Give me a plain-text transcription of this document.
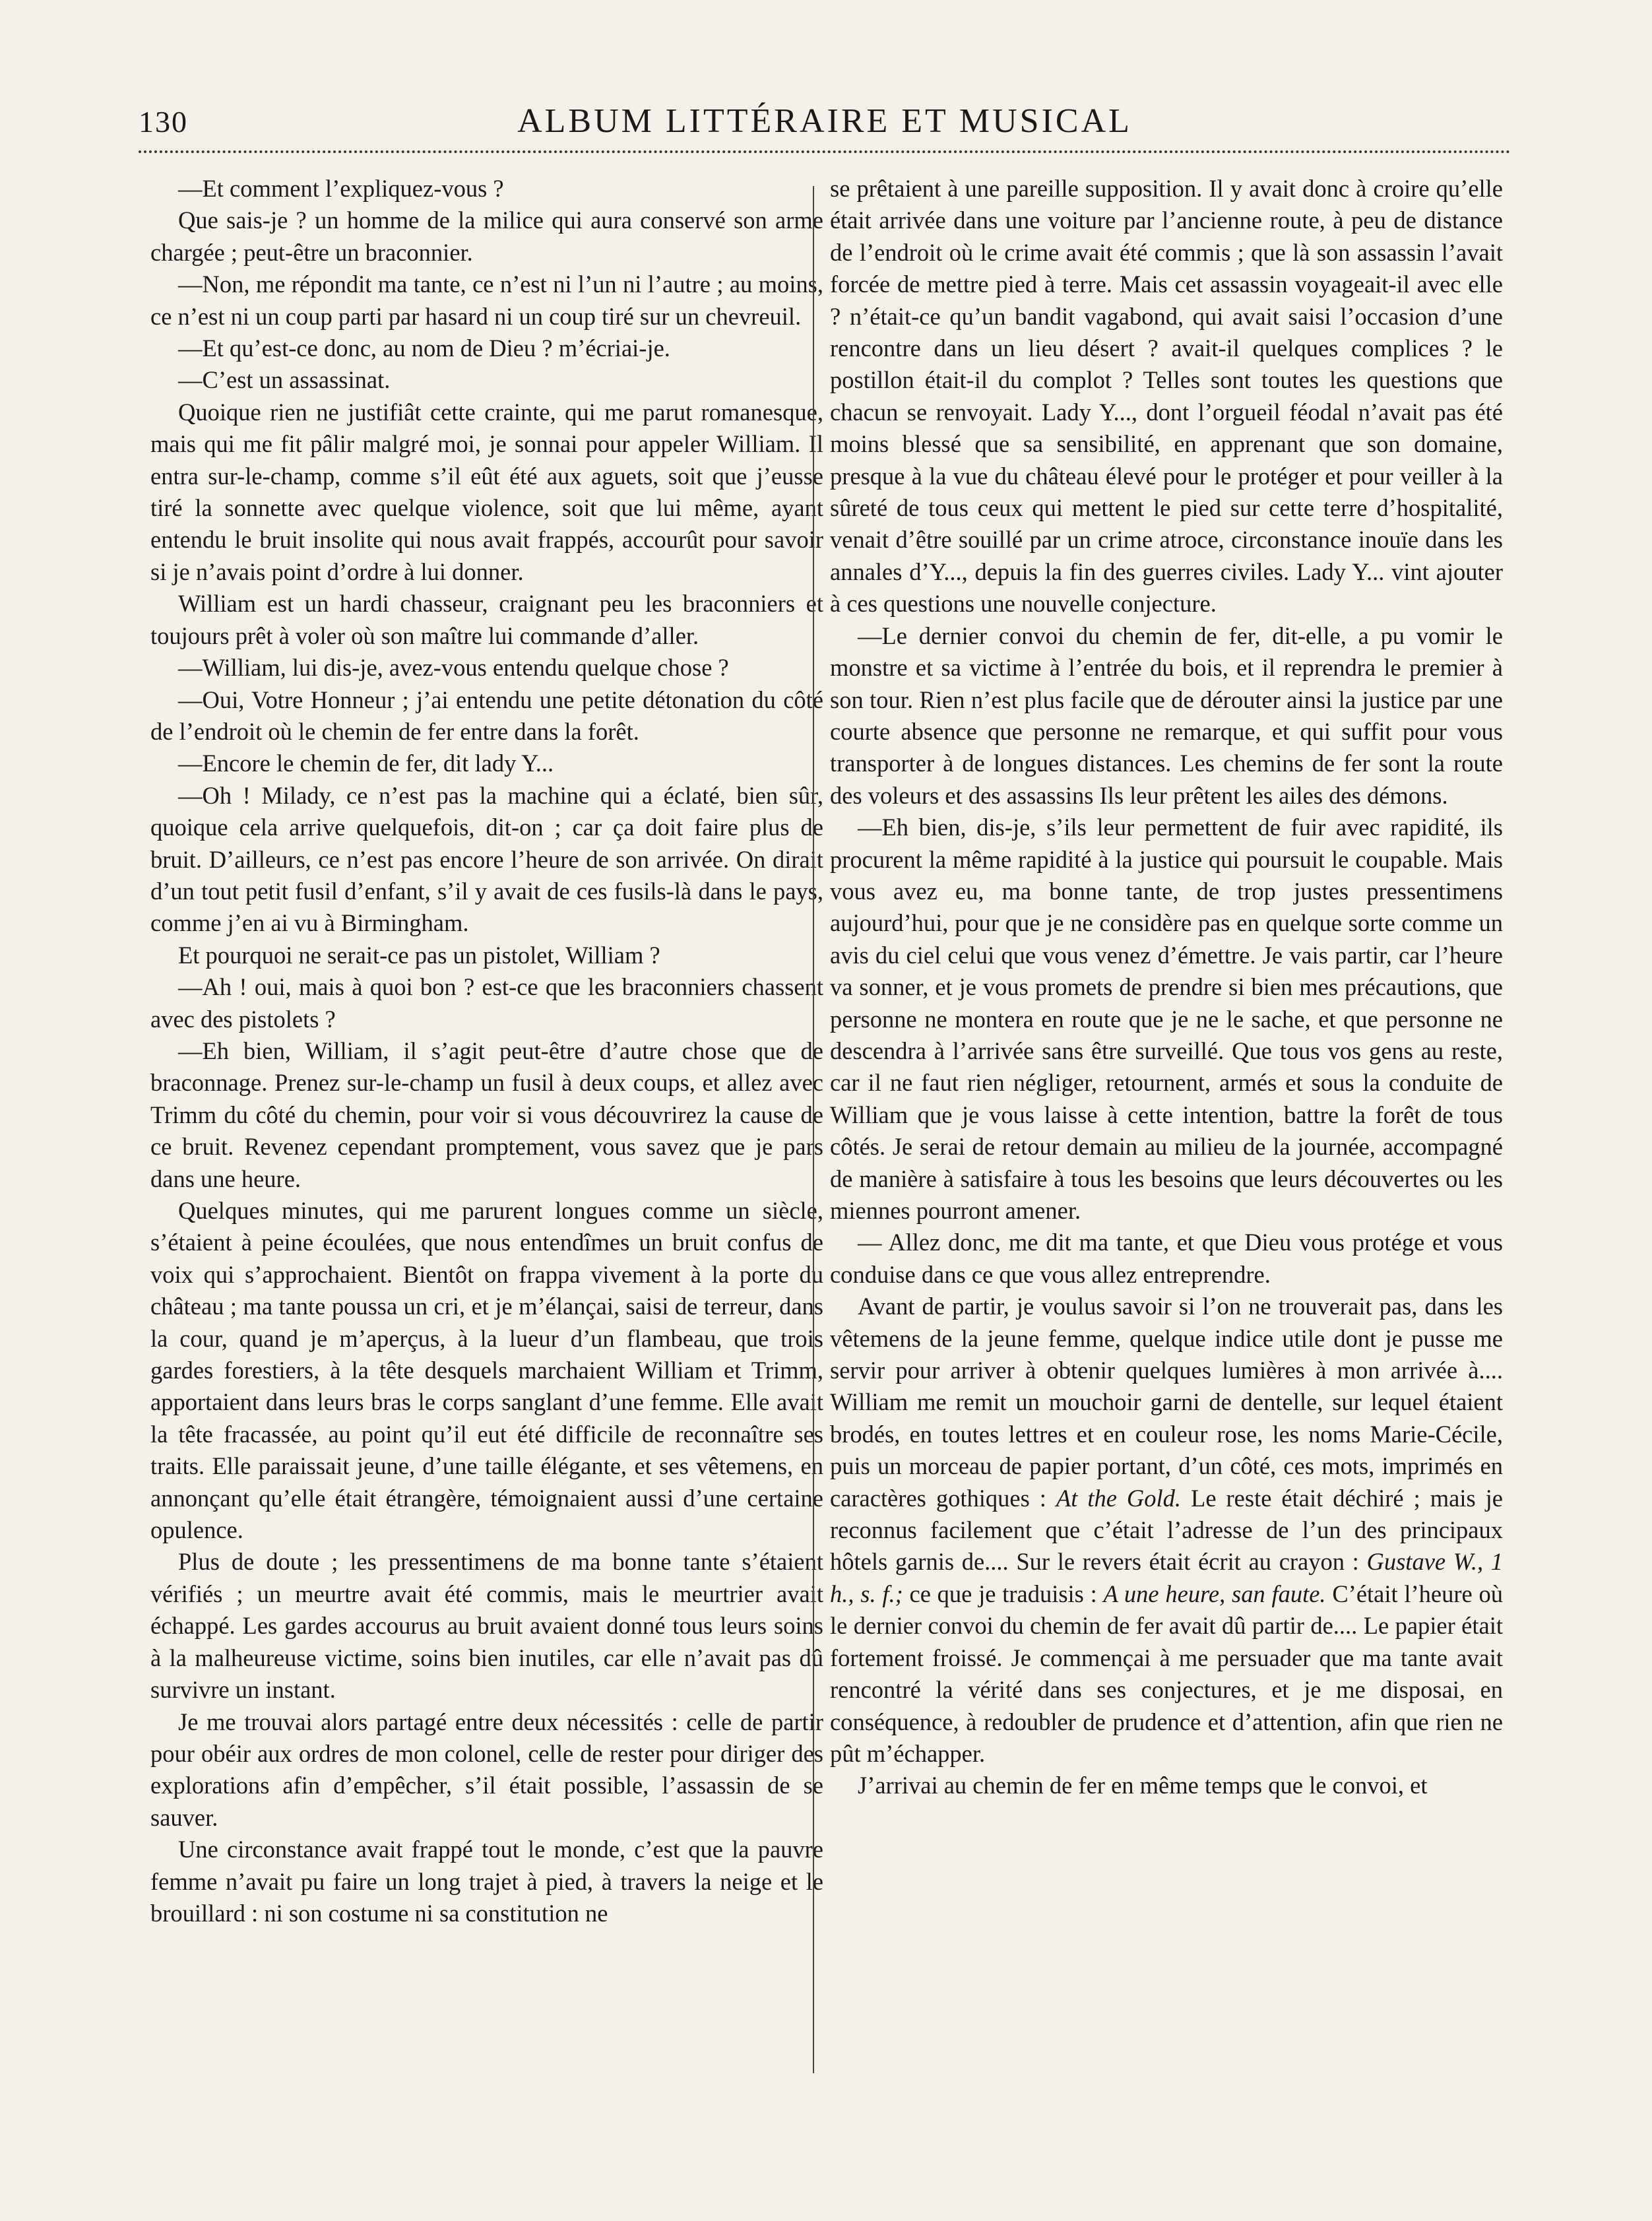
130	ALBUM LITTÉRAIRE ET MUSICAL

—Et comment l’expliquez-vous ?

Que sais-je ? un homme de la milice qui aura conservé son arme chargée ; peut-être un braconnier.

—Non, me répondit ma tante, ce n’est ni l’un ni l’autre ; au moins, ce n’est ni un coup parti par hasard ni un coup tiré sur un chevreuil.

—Et qu’est-ce donc, au nom de Dieu ? m’écriai-je.

—C’est un assassinat.

Quoique rien ne justifiât cette crainte, qui me parut romanesque, mais qui me fit pâlir malgré moi, je sonnai pour appeler William. Il entra sur-le-champ, comme s’il eût été aux aguets, soit que j’eusse tiré la sonnette avec quelque violence, soit que lui même, ayant entendu le bruit insolite qui nous avait frappés, accourût pour savoir si je n’avais point d’ordre à lui donner.

William est un hardi chasseur, craignant peu les braconniers et toujours prêt à voler où son maître lui commande d’aller.

—William, lui dis-je, avez-vous entendu quelque chose ?

—Oui, Votre Honneur ; j’ai entendu une petite détonation du côté de l’endroit où le chemin de fer entre dans la forêt.

—Encore le chemin de fer, dit lady Y...

—Oh ! Milady, ce n’est pas la machine qui a éclaté, bien sûr, quoique cela arrive quelquefois, dit-on ; car ça doit faire plus de bruit. D’ailleurs, ce n’est pas encore l’heure de son arrivée. On dirait d’un tout petit fusil d’enfant, s’il y avait de ces fusils-là dans le pays, comme j’en ai vu à Birmingham.

Et pourquoi ne serait-ce pas un pistolet, William ?

—Ah ! oui, mais à quoi bon ? est-ce que les braconniers chassent avec des pistolets ?

—Eh bien, William, il s’agit peut-être d’autre chose que de braconnage. Prenez sur-le-champ un fusil à deux coups, et allez avec Trimm du côté du chemin, pour voir si vous découvrirez la cause de ce bruit. Revenez cependant promptement, vous savez que je pars dans une heure.

Quelques minutes, qui me parurent longues comme un siècle, s’étaient à peine écoulées, que nous entendîmes un bruit confus de voix qui s’approchaient. Bientôt on frappa vivement à la porte du château ; ma tante poussa un cri, et je m’élançai, saisi de terreur, dans la cour, quand je m’aperçus, à la lueur d’un flambeau, que trois gardes forestiers, à la tête desquels marchaient William et Trimm, apportaient dans leurs bras le corps sanglant d’une femme. Elle avait la tête fracassée, au point qu’il eut été difficile de reconnaître ses traits. Elle paraissait jeune, d’une taille élégante, et ses vêtemens, en annonçant qu’elle était étrangère, témoignaient aussi d’une certaine opulence.

Plus de doute ; les pressentimens de ma bonne tante s’étaient vérifiés ; un meurtre avait été commis, mais le meurtrier avait échappé. Les gardes accourus au bruit avaient donné tous leurs soins à la malheureuse victime, soins bien inutiles, car elle n’avait pas dû survivre un instant.

Je me trouvai alors partagé entre deux nécessités : celle de partir pour obéir aux ordres de mon colonel, celle de rester pour diriger des explorations afin d’empêcher, s’il était possible, l’assassin de se sauver.

Une circonstance avait frappé tout le monde, c’est que la pauvre femme n’avait pu faire un long trajet à pied, à travers la neige et le brouillard : ni son costume ni sa constitution ne

se prêtaient à une pareille supposition. Il y avait donc à croire qu’elle était arrivée dans une voiture par l’ancienne route, à peu de distance de l’endroit où le crime avait été commis ; que là son assassin l’avait forcée de mettre pied à terre. Mais cet assassin voyageait-il avec elle ? n’était-ce qu’un bandit vagabond, qui avait saisi l’occasion d’une rencontre dans un lieu désert ? avait-il quelques complices ? le postillon était-il du complot ? Telles sont toutes les questions que chacun se renvoyait. Lady Y..., dont l’orgueil féodal n’avait pas été moins blessé que sa sensibilité, en apprenant que son domaine, presque à la vue du château élevé pour le protéger et pour veiller à la sûreté de tous ceux qui mettent le pied sur cette terre d’hospitalité, venait d’être souillé par un crime atroce, circonstance inouïe dans les annales d’Y..., depuis la fin des guerres civiles. Lady Y... vint ajouter à ces questions une nouvelle conjecture.

—Le dernier convoi du chemin de fer, dit-elle, a pu vomir le monstre et sa victime à l’entrée du bois, et il reprendra le premier à son tour. Rien n’est plus facile que de dérouter ainsi la justice par une courte absence que personne ne remarque, et qui suffit pour vous transporter à de longues distances. Les chemins de fer sont la route des voleurs et des assassins Ils leur prêtent les ailes des démons.

—Eh bien, dis-je, s’ils leur permettent de fuir avec rapidité, ils procurent la même rapidité à la justice qui poursuit le coupable. Mais vous avez eu, ma bonne tante, de trop justes pressentimens aujourd’hui, pour que je ne considère pas en quelque sorte comme un avis du ciel celui que vous venez d’émettre. Je vais partir, car l’heure va sonner, et je vous promets de prendre si bien mes précautions, que personne ne montera en route que je ne le sache, et que personne ne descendra à l’arrivée sans être surveillé. Que tous vos gens au reste, car il ne faut rien négliger, retournent, armés et sous la conduite de William que je vous laisse à cette intention, battre la forêt de tous côtés. Je serai de retour demain au milieu de la journée, accompagné de manière à satisfaire à tous les besoins que leurs découvertes ou les miennes pourront amener.

— Allez donc, me dit ma tante, et que Dieu vous protége et vous conduise dans ce que vous allez entreprendre.

Avant de partir, je voulus savoir si l’on ne trouverait pas, dans les vêtemens de la jeune femme, quelque indice utile dont je pusse me servir pour arriver à obtenir quelques lumières à mon arrivée à.... William me remit un mouchoir garni de dentelle, sur lequel étaient brodés, en toutes lettres et en couleur rose, les noms Marie-Cécile, puis un morceau de papier portant, d’un côté, ces mots, imprimés en caractères gothiques : At the Gold. Le reste était déchiré ; mais je reconnus facilement que c’était l’adresse de l’un des principaux hôtels garnis de.... Sur le revers était écrit au crayon : Gustave W., 1 h., s. f.; ce que je traduisis : A une heure, san faute. C’était l’heure où le dernier convoi du chemin de fer avait dû partir de.... Le papier était fortement froissé. Je commençai à me persuader que ma tante avait rencontré la vérité dans ses conjectures, et je me disposai, en conséquence, à redoubler de prudence et d’attention, afin que rien ne pût m’échapper.

J’arrivai au chemin de fer en même temps que le convoi, et
